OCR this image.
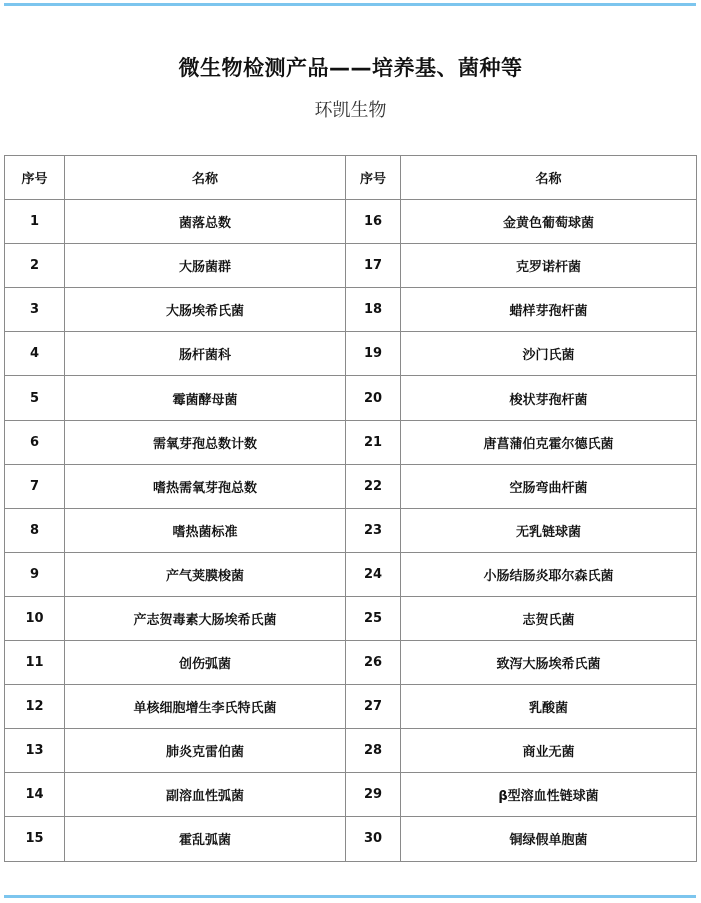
微生物检测产品——培养基、菌种等
环凯生物
序号	名称	序号	名称
1	菌落总数	16	金黄色葡萄球菌
2	大肠菌群	17	克罗诺杆菌
3	大肠埃希氏菌	18	蜡样芽孢杆菌
4	肠杆菌科	19	沙门氏菌
5	霉菌酵母菌	20	梭状芽孢杆菌
6	需氧芽孢总数计数	21	唐菖蒲伯克霍尔德氏菌
7	嗜热需氧芽孢总数	22	空肠弯曲杆菌
8	嗜热菌标准	23	无乳链球菌
9	产气荚膜梭菌	24	小肠结肠炎耶尔森氏菌
10	产志贺毒素大肠埃希氏菌	25	志贺氏菌
11	创伤弧菌	26	致泻大肠埃希氏菌
12	单核细胞增生李氏特氏菌	27	乳酸菌
13	肺炎克雷伯菌	28	商业无菌
14	副溶血性弧菌	29	β型溶血性链球菌
15	霍乱弧菌	30	铜绿假单胞菌
